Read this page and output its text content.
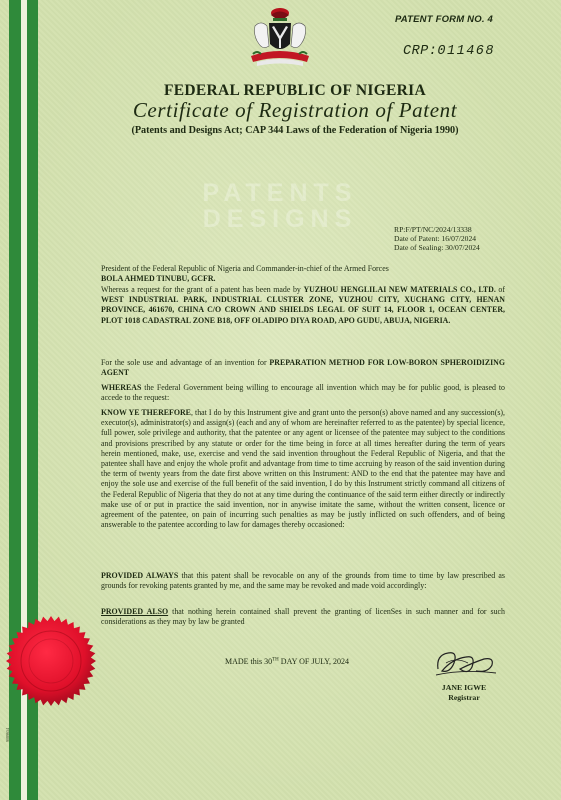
PATENT FORM NO. 4
CRP:011468
FEDERAL REPUBLIC OF NIGERIA
Certificate of Registration of Patent
(Patents and Designs Act; CAP 344 Laws of the Federation of Nigeria 1990)
PATENTS
DESIGNS	RP:F/PT/NC/2024/13338
Date of Patent: 16/07/2024
Date of Sealing: 30/07/2024
President of the Federal Republic of Nigeria and Commander-in-chief of the Armed Forces
BOLA AHMED TINUBU, GCFR.
Whereas a request for the grant of a patent has been made by YUZHOU HENGLILAI NEW MATERIALS CO., LTD. of WEST INDUSTRIAL PARK, INDUSTRIAL CLUSTER ZONE, YUZHOU CITY, XUCHANG CITY, HENAN PROVINCE, 461670, CHINA C/O CROWN AND SHIELDS LEGAL OF SUIT 14, FLOOR 1, OCEAN CENTER, PLOT 1018 CADASTRAL ZONE B18, OFF OLADIPO DIYA ROAD, APO GUDU, ABUJA, NIGERIA.
For the sole use and advantage of an invention for PREPARATION METHOD FOR LOW-BORON SPHEROIDIZING AGENT
WHEREAS the Federal Government being willing to encourage all invention which may be for public good, is pleased to accede to the request:
KNOW YE THEREFORE, that I do by this Instrument give and grant unto the person(s) above named and any succession(s), executor(s), administrator(s) and assign(s) (each and any of whom are hereinafter referred to as the patentee) by special licence, full power, sole privilege and authority, that the patentee or any agent or licensee of the patentee may subject to the conditions and provisions prescribed by any statute or order for the time being in force at all times hereafter during the term of years herein mentioned, make, use, exercise and vend the said invention throughout the Federal Republic of Nigeria, and that the patentee shall have and enjoy the whole profit and advantage from time to time accruing by reason of the said invention during the term of twenty years from the date first above written on this Instrument: AND to the end that the patentee may have and enjoy the sole use and exercise of the full benefit of the said invention, I do by this Instrument strictly command all citizens of the Federal Republic of Nigeria that they do not at any time during the continuance of the said term either directly or indirectly make use of or put in practice the said invention, nor in anywise imitate the same, without the written consent, licence or agreement of the patentee, on pain of incurring such penalties as may be justly inflicted on such offenders, and of being answerable to the patentee according to law for damages thereby occasioned:
PROVIDED ALWAYS that this patent shall be revocable on any of the grounds from time to time by law prescribed as grounds for revoking patents granted by me, and the same may be revoked and made void accordingly:
PROVIDED ALSO that nothing herein contained shall prevent the granting of licenSes in such manner and for such considerations as they may by law be granted
MADE this 30TH DAY OF JULY, 2024
JANE IGWE
Registrar
9089654
